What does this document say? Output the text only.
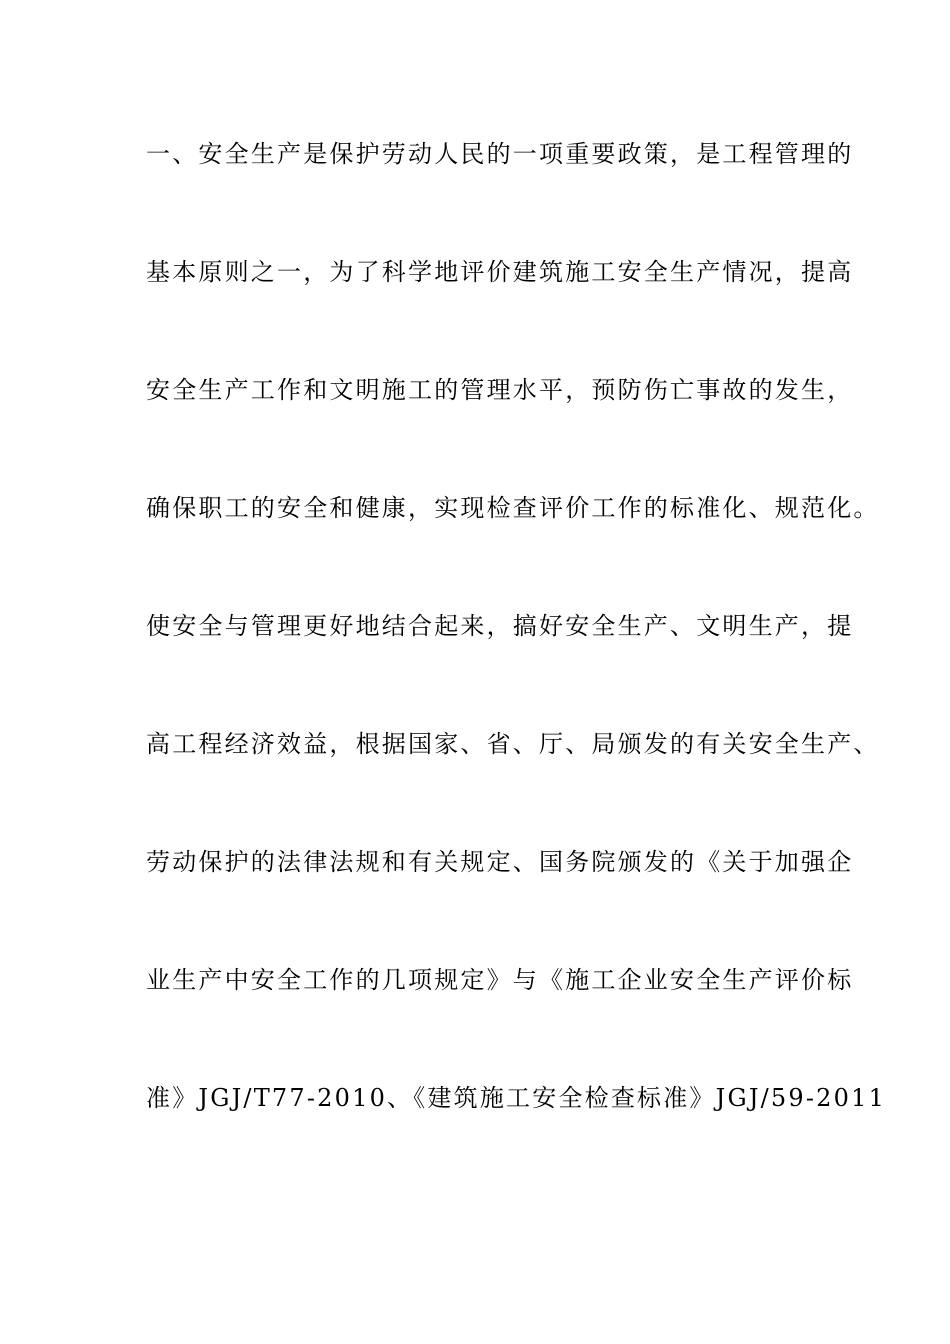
一、安全生产是保护劳动人民的一项重要政策，是工程管理的
基本原则之一，为了科学地评价建筑施工安全生产情况，提高
安全生产工作和文明施工的管理水平，预防伤亡事故的发生，
确保职工的安全和健康，实现检查评价工作的标准化、规范化。
使安全与管理更好地结合起来，搞好安全生产、文明生产，提
高工程经济效益，根据国家、省、厅、局颁发的有关安全生产、
劳动保护的法律法规和有关规定、国务院颁发的《关于加强企
业生产中安全工作的几项规定》与《施工企业安全生产评价标
准》JGJ/T77-2010、《建筑施工安全检查标准》JGJ/59-2011
